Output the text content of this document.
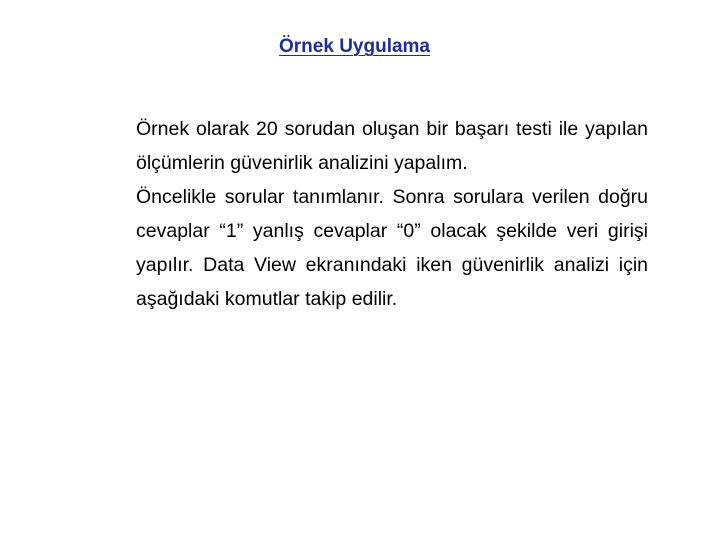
Örnek Uygulama

Örnek olarak 20 sorudan oluşan bir başarı testi ile yapılan ölçümlerin güvenirlik analizini yapalım.

Öncelikle sorular tanımlanır. Sonra sorulara verilen doğru cevaplar “1” yanlış cevaplar “0” olacak şekilde veri girişi yapılır. Data View ekranındaki iken güvenirlik analizi için aşağıdaki komutlar takip edilir.
